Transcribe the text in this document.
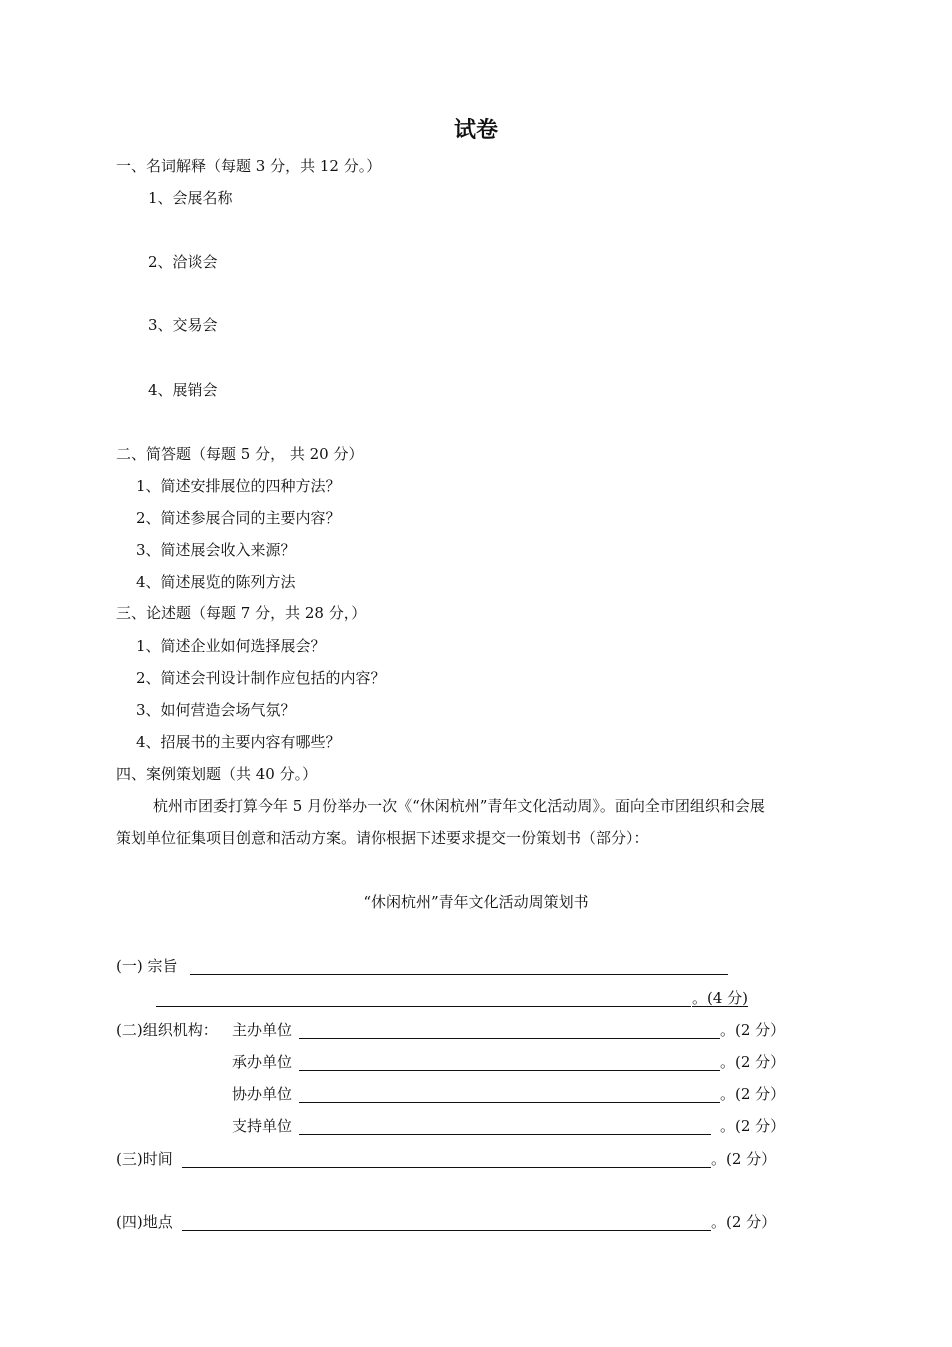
试卷
一、名词解释（每题 3 分，共 12 分。）
1、会展名称
2、洽谈会
3、交易会
4、展销会
二、简答题（每题 5 分， 共 20 分）
1、简述安排展位的四种方法？
2、简述参展合同的主要内容？
3、简述展会收入来源？
4、简述展览的陈列方法
三、论述题（每题 7 分，共 28 分，）
1、简述企业如何选择展会？
2、简述会刊设计制作应包括的内容？
3、如何营造会场气氛？
4、招展书的主要内容有哪些？
四、案例策划题（共 40 分。）
杭州市团委打算今年 5 月份举办一次《“休闲杭州”青年文化活动周》。面向全市团组织和会展
策划单位征集项目创意和活动方案。请你根据下述要求提交一份策划书（部分）：
“休闲杭州”青年文化活动周策划书
(一) 宗旨
。(4 分)
(二)组织机构： 主办单位	。(2 分）
承办单位	。(2 分）
协办单位	。(2 分）
支持单位	。(2 分）
(三)时间	。(2 分）
(四)地点	。(2 分）
